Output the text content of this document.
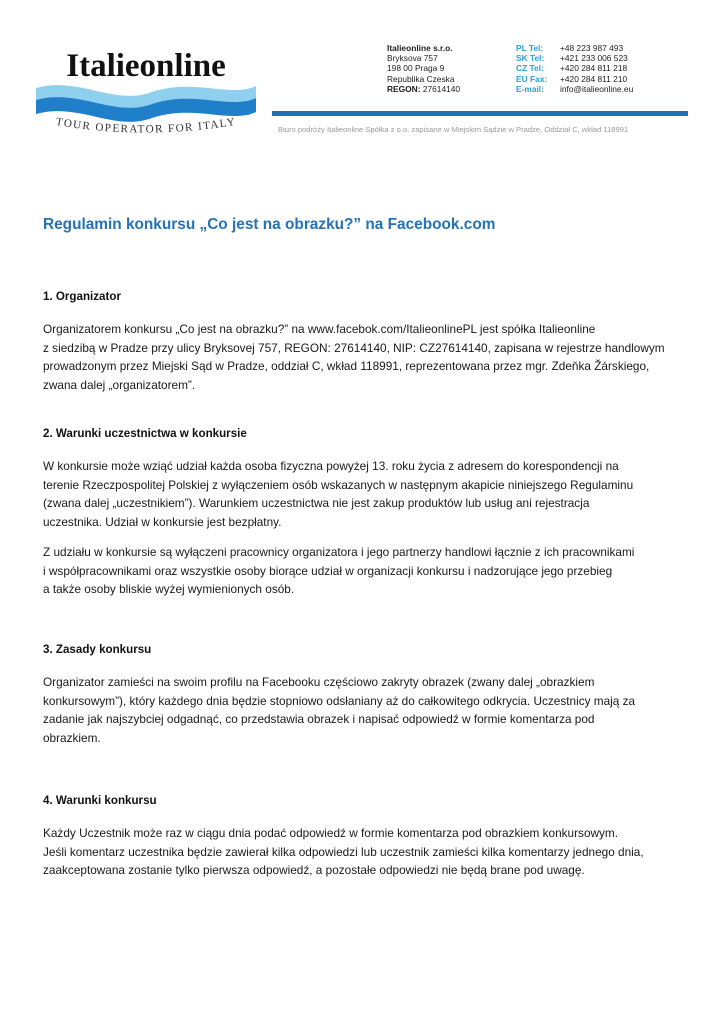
Italieonline
TOUR OPERATOR FOR ITALY
Italieonline s.r.o.
Bryksova 757
198 00 Praga 9
Republika Czeska
REGON: 27614140
PL Tel:	+48 223 987 493
SK Tel:	+421 233 006 523
CZ Tel:	+420 284 811 218
EU Fax:	+420 284 811 210
E-mail:	info@italieonline.eu
Biuro podróży Italieonline Spółka z o.o. zapisane w Miejskim Sądzie w Pradze, Oddział C, wkład 118991
Regulamin konkursu „Co jest na obrazku?” na Facebook.com
1. Organizator

Organizatorem konkursu „Co jest na obrazku?” na www.facebok.com/ItalieonlinePL jest spółka Italieonline
z siedzibą w Pradze przy ulicy Bryksovej 757, REGON: 27614140, NIP: CZ27614140, zapisana w rejestrze handlowym
prowadzonym przez Miejski Sąd w Pradze, oddział C, wkład 118991, reprezentowana przez mgr. Zdeňka Žárskiego,
zwana dalej „organizatorem”.

2. Warunki uczestnictwa w konkursie

W konkursie może wziąć udział każda osoba fizyczna powyżej 13. roku życia z adresem do korespondencji na
terenie Rzeczpospolitej Polskiej z wyłączeniem osób wskazanych w następnym akapicie niniejszego Regulaminu
(zwana dalej „uczestnikiem”). Warunkiem uczestnictwa nie jest zakup produktów lub usług ani rejestracja
uczestnika. Udział w konkursie jest bezpłatny.

Z udziału w konkursie są wyłączeni pracownicy organizatora i jego partnerzy handlowi łącznie z ich pracownikami
i współpracownikami oraz wszystkie osoby biorące udział w organizacji konkursu i nadzorujące jego przebieg
a także osoby bliskie wyżej wymienionych osób.

3. Zasady konkursu

Organizator zamieści na swoim profilu na Facebooku częściowo zakryty obrazek (zwany dalej „obrazkiem
konkursowym”), który każdego dnia będzie stopniowo odsłaniany aż do całkowitego odkrycia. Uczestnicy mają za
zadanie jak najszybciej odgadnąć, co przedstawia obrazek i napisać odpowiedź w formie komentarza pod
obrazkiem.

4. Warunki konkursu

Każdy Uczestnik może raz w ciągu dnia podać odpowiedź w formie komentarza pod obrazkiem konkursowym.
Jeśli komentarz uczestnika będzie zawierał kilka odpowiedzi lub uczestnik zamieści kilka komentarzy jednego dnia,
zaakceptowana zostanie tylko pierwsza odpowiedź, a pozostałe odpowiedzi nie będą brane pod uwagę.
